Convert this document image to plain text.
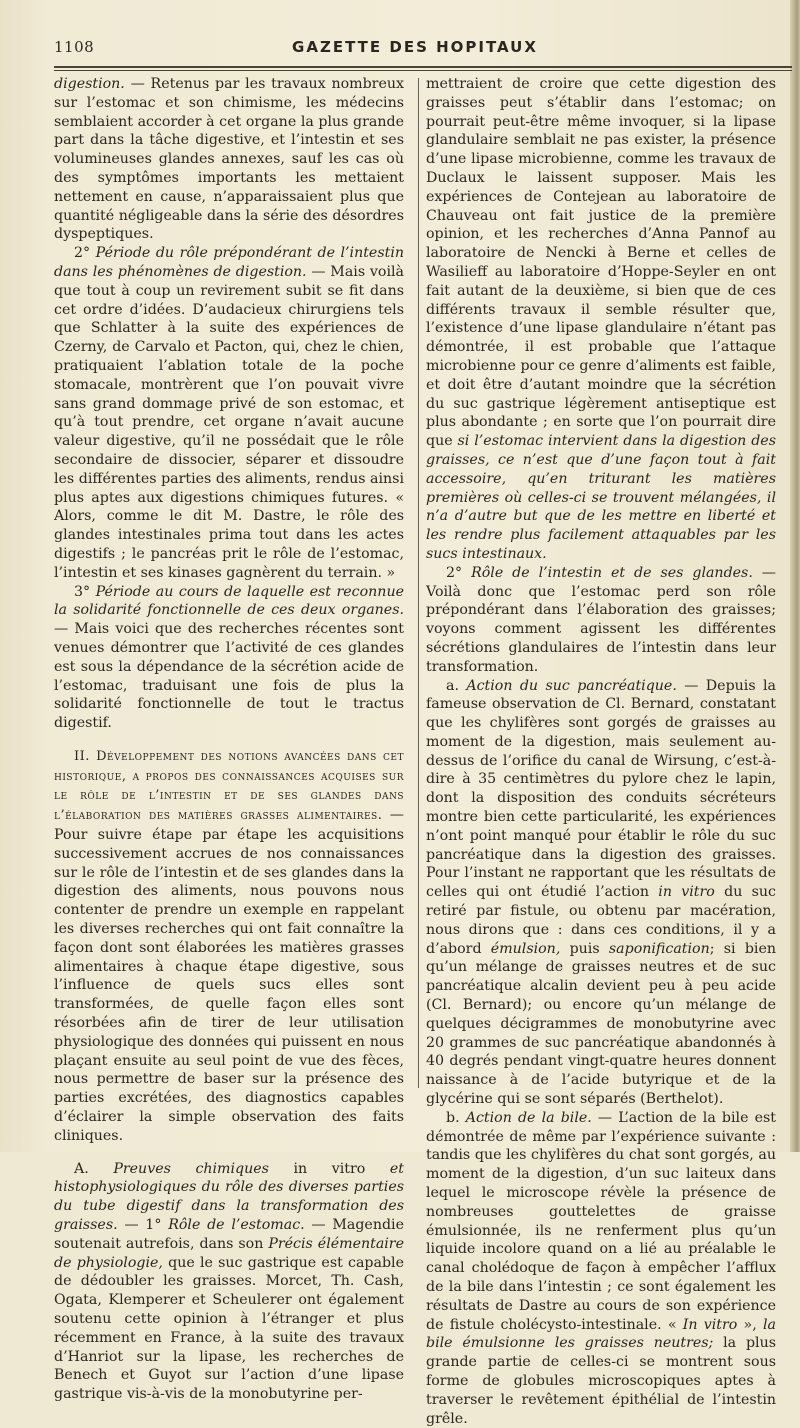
1108	GAZETTE DES HOPITAUX

digestion. — Retenus par les travaux nombreux sur l’estomac et son chimisme, les médecins semblaient accorder à cet organe la plus grande part dans la tâche digestive, et l’intestin et ses volumineuses glandes annexes, sauf les cas où des symptômes importants les mettaient nettement en cause, n’apparaissaient plus que quantité négligeable dans la série des désordres dyspeptiques.

2° Période du rôle prépondérant de l’intestin dans les phénomènes de digestion. — Mais voilà que tout à coup un revirement subit se fit dans cet ordre d’idées. D’audacieux chirurgiens tels que Schlatter à la suite des expériences de Czerny, de Carvalo et Pacton, qui, chez le chien, pratiquaient l’ablation totale de la poche stomacale, montrèrent que l’on pouvait vivre sans grand dommage privé de son estomac, et qu’à tout prendre, cet organe n’avait aucune valeur digestive, qu’il ne possédait que le rôle secondaire de dissocier, séparer et dissoudre les différentes parties des aliments, rendus ainsi plus aptes aux digestions chimiques futures. « Alors, comme le dit M. Dastre, le rôle des glandes intestinales prima tout dans les actes digestifs ; le pancréas prit le rôle de l’estomac, l’intestin et ses kinases gagnèrent du terrain. »

3° Période au cours de laquelle est reconnue la solidarité fonctionnelle de ces deux organes. — Mais voici que des recherches récentes sont venues démontrer que l’activité de ces glandes est sous la dépendance de la sécrétion acide de l’estomac, traduisant une fois de plus la solidarité fonctionnelle de tout le tractus digestif.

II. Développement des notions avancées dans cet historique, a propos des connaissances acquises sur le rôle de l’intestin et de ses glandes dans l’élaboration des matières grasses alimentaires. — Pour suivre étape par étape les acquisitions successivement accrues de nos connaissances sur le rôle de l’intestin et de ses glandes dans la digestion des aliments, nous pouvons nous contenter de prendre un exemple en rappelant les diverses recherches qui ont fait connaître la façon dont sont élaborées les matières grasses alimentaires à chaque étape digestive, sous l’influence de quels sucs elles sont transformées, de quelle façon elles sont résorbées afin de tirer de leur utilisation physiologique des données qui puissent en nous plaçant ensuite au seul point de vue des fèces, nous permettre de baser sur la présence des parties excrétées, des diagnostics capables d’éclairer la simple observation des faits cliniques.

A. Preuves chimiques in vitro et histophysiologiques du rôle des diverses parties du tube digestif dans la transformation des graisses. — 1° Rôle de l’estomac. — Magendie soutenait autrefois, dans son Précis élémentaire de physiologie, que le suc gastrique est capable de dédoubler les graisses. Morcet, Th. Cash, Ogata, Klemperer et Scheulerer ont également soutenu cette opinion à l’étranger et plus récemment en France, à la suite des travaux d’Hanriot sur la lipase, les recherches de Benech et Guyot sur l’action d’une lipase gastrique vis-à-vis de la monobutyrine per-

mettraient de croire que cette digestion des graisses peut s’établir dans l’estomac; on pourrait peut-être même invoquer, si la lipase glandulaire semblait ne pas exister, la présence d’une lipase microbienne, comme les travaux de Duclaux le laissent supposer. Mais les expériences de Contejean au laboratoire de Chauveau ont fait justice de la première opinion, et les recherches d’Anna Pannof au laboratoire de Nencki à Berne et celles de Wasilieff au laboratoire d’Hoppe-Seyler en ont fait autant de la deuxième, si bien que de ces différents travaux il semble résulter que, l’existence d’une lipase glandulaire n’étant pas démontrée, il est probable que l’attaque microbienne pour ce genre d’aliments est faible, et doit être d’autant moindre que la sécrétion du suc gastrique légèrement antiseptique est plus abondante ; en sorte que l’on pourrait dire que si l’estomac intervient dans la digestion des graisses, ce n’est que d’une façon tout à fait accessoire, qu’en triturant les matières premières où celles-ci se trouvent mélangées, il n’a d’autre but que de les mettre en liberté et les rendre plus facilement attaquables par les sucs intestinaux.

2° Rôle de l’intestin et de ses glandes. — Voilà donc que l’estomac perd son rôle prépondérant dans l’élaboration des graisses; voyons comment agissent les différentes sécrétions glandulaires de l’intestin dans leur transformation.

a. Action du suc pancréatique. — Depuis la fameuse observation de Cl. Bernard, constatant que les chylifères sont gorgés de graisses au moment de la digestion, mais seulement au-dessus de l’orifice du canal de Wirsung, c’est-à-dire à 35 centimètres du pylore chez le lapin, dont la disposition des conduits sécréteurs montre bien cette particularité, les expériences n’ont point manqué pour établir le rôle du suc pancréatique dans la digestion des graisses. Pour l’instant ne rapportant que les résultats de celles qui ont étudié l’action in vitro du suc retiré par fistule, ou obtenu par macération, nous dirons que : dans ces conditions, il y a d’abord émulsion, puis saponification; si bien qu’un mélange de graisses neutres et de suc pancréatique alcalin devient peu à peu acide (Cl. Bernard); ou encore qu’un mélange de quelques décigrammes de monobutyrine avec 20 grammes de suc pancréatique abandonnés à 40 degrés pendant vingt-quatre heures donnent naissance à de l’acide butyrique et de la glycérine qui se sont séparés (Berthelot).

b. Action de la bile. — L’action de la bile est démontrée de même par l’expérience suivante : tandis que les chylifères du chat sont gorgés, au moment de la digestion, d’un suc laiteux dans lequel le microscope révèle la présence de nombreuses gouttelettes de graisse émulsionnée, ils ne renferment plus qu’un liquide incolore quand on a lié au préalable le canal cholédoque de façon à empêcher l’afflux de la bile dans l’intestin ; ce sont également les résultats de Dastre au cours de son expérience de fistule cholécysto-intestinale. « In vitro », la bile émulsionne les graisses neutres; la plus grande partie de celles-ci se montrent sous forme de globules microscopiques aptes à traverser le revêtement épithélial de l’intestin grêle.
